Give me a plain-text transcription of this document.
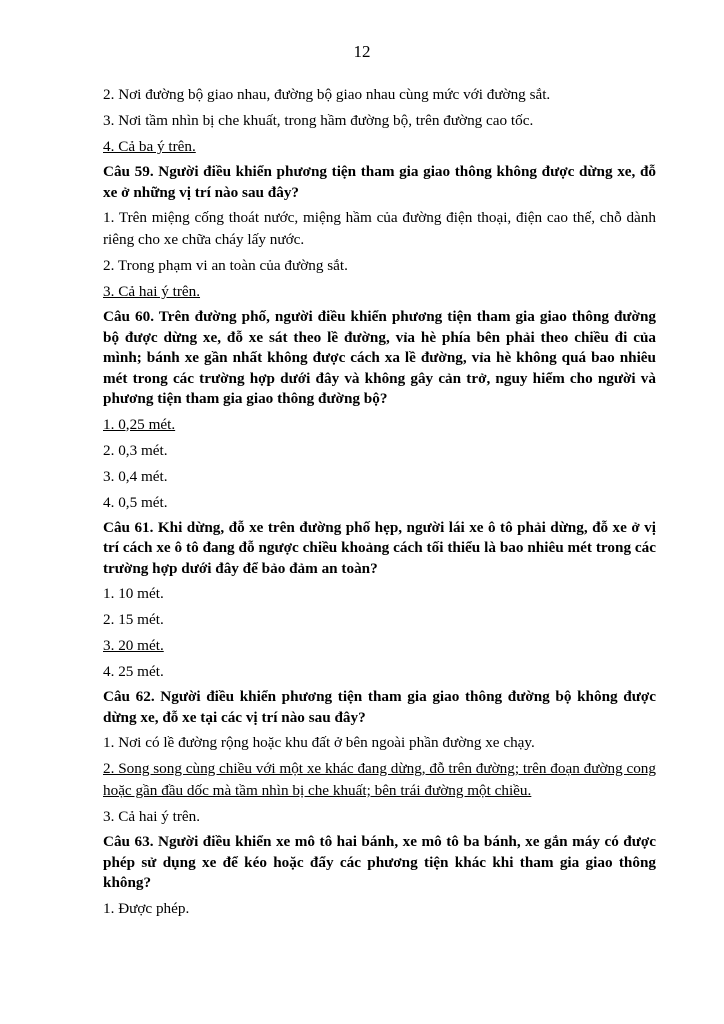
12

2. Nơi đường bộ giao nhau, đường bộ giao nhau cùng mức với đường sắt.

3. Nơi tầm nhìn bị che khuất, trong hầm đường bộ, trên đường cao tốc.

4. Cả ba ý trên.

Câu 59. Người điều khiển phương tiện tham gia giao thông không được dừng xe, đỗ xe ở những vị trí nào sau đây?

1. Trên miệng cống thoát nước, miệng hầm của đường điện thoại, điện cao thế, chỗ dành riêng cho xe chữa cháy lấy nước.

2. Trong phạm vi an toàn của đường sắt.

3. Cả hai ý trên.

Câu 60. Trên đường phố, người điều khiển phương tiện tham gia giao thông đường bộ được dừng xe, đỗ xe sát theo lề đường, vỉa hè phía bên phải theo chiều đi của mình; bánh xe gần nhất không được cách xa lề đường, vỉa hè không quá bao nhiêu mét trong các trường hợp dưới đây và không gây cản trở, nguy hiểm cho người và phương tiện tham gia giao thông đường bộ?

1. 0,25 mét.

2. 0,3 mét.

3. 0,4 mét.

4. 0,5 mét.

Câu 61. Khi dừng, đỗ xe trên đường phố hẹp, người lái xe ô tô phải dừng, đỗ xe ở vị trí cách xe ô tô đang đỗ ngược chiều khoảng cách tối thiểu là bao nhiêu mét trong các trường hợp dưới đây để bảo đảm an toàn?

1. 10 mét.

2. 15 mét.

3. 20 mét.

4. 25 mét.

Câu 62. Người điều khiển phương tiện tham gia giao thông đường bộ không được dừng xe, đỗ xe tại các vị trí nào sau đây?

1. Nơi có lề đường rộng hoặc khu đất ở bên ngoài phần đường xe chạy.

2. Song song cùng chiều với một xe khác đang dừng, đỗ trên đường; trên đoạn đường cong hoặc gần đầu dốc mà tầm nhìn bị che khuất; bên trái đường một chiều.

3. Cả hai ý trên.

Câu 63. Người điều khiển xe mô tô hai bánh, xe mô tô ba bánh, xe gắn máy có được phép sử dụng xe để kéo hoặc đẩy các phương tiện khác khi tham gia giao thông không?

1. Được phép.
